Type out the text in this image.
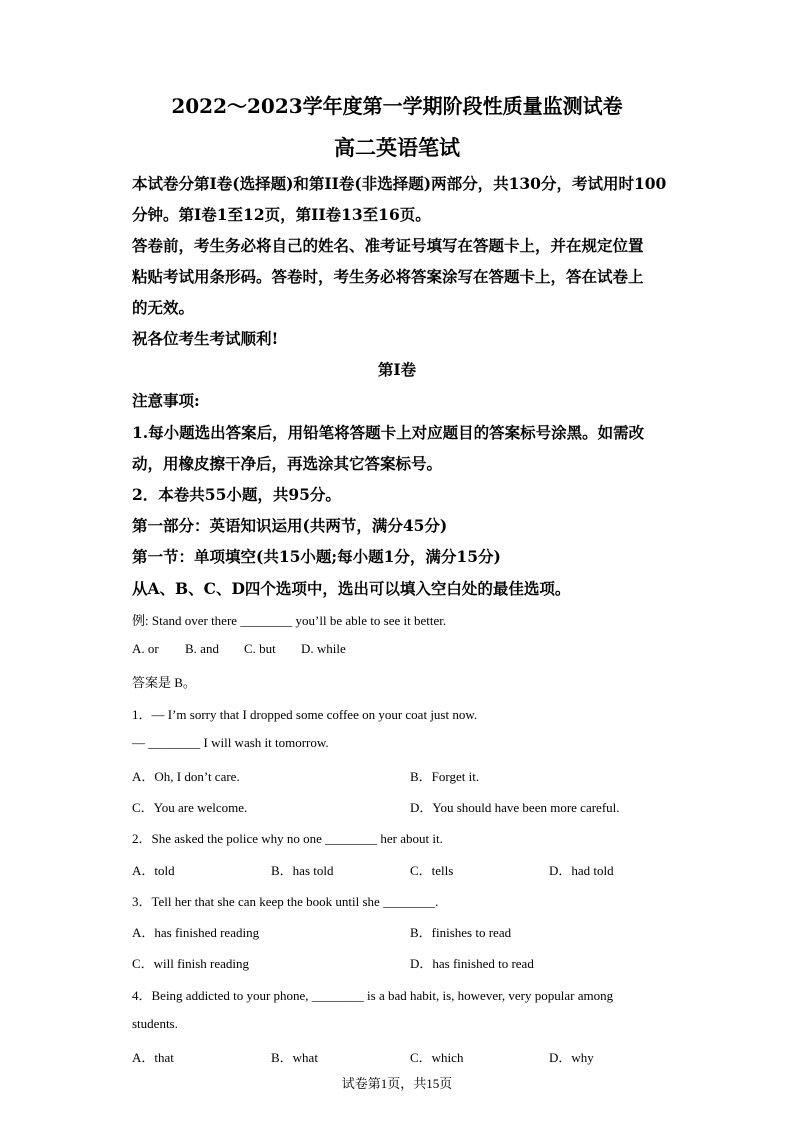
2022～2023学年度第一学期阶段性质量监测试卷
高二英语笔试
本试卷分第I卷(选择题)和第II卷(非选择题)两部分，共130分，考试用时100
分钟。第I卷1至12页，第II卷13至16页。
答卷前，考生务必将自己的姓名、准考证号填写在答题卡上，并在规定位置
粘贴考试用条形码。答卷时，考生务必将答案涂写在答题卡上，答在试卷上
的无效。
祝各位考生考试顺利!
第I卷
注意事项:
1.每小题选出答案后，用铅笔将答题卡上对应题目的答案标号涂黑。如需改
动，用橡皮擦干净后，再选涂其它答案标号。
2．本卷共55小题，共95分。
第一部分：英语知识运用(共两节，满分45分)
第一节：单项填空(共15小题;每小题1分，满分15分)
从A、B、C、D四个选项中，选出可以填入空白处的最佳选项。
例: Stand over there ________ you’ll be able to see it better.
A. or B. and C. but D. while
答案是 B。
1．— I’m sorry that I dropped some coffee on your coat just now.
— ________ I will wash it tomorrow.
A．Oh, I don’t care.	B．Forget it.
C．You are welcome.	D．You should have been more careful.
2．She asked the police why no one ________ her about it.
A．told	B．has told	C．tells	D．had told
3．Tell her that she can keep the book until she ________.
A．has finished reading	B．finishes to read
C．will finish reading	D．has finished to read
4．Being addicted to your phone, ________ is a bad habit, is, however, very popular among
students.
A．that	B．what	C．which	D．why
试卷第1页，共15页
